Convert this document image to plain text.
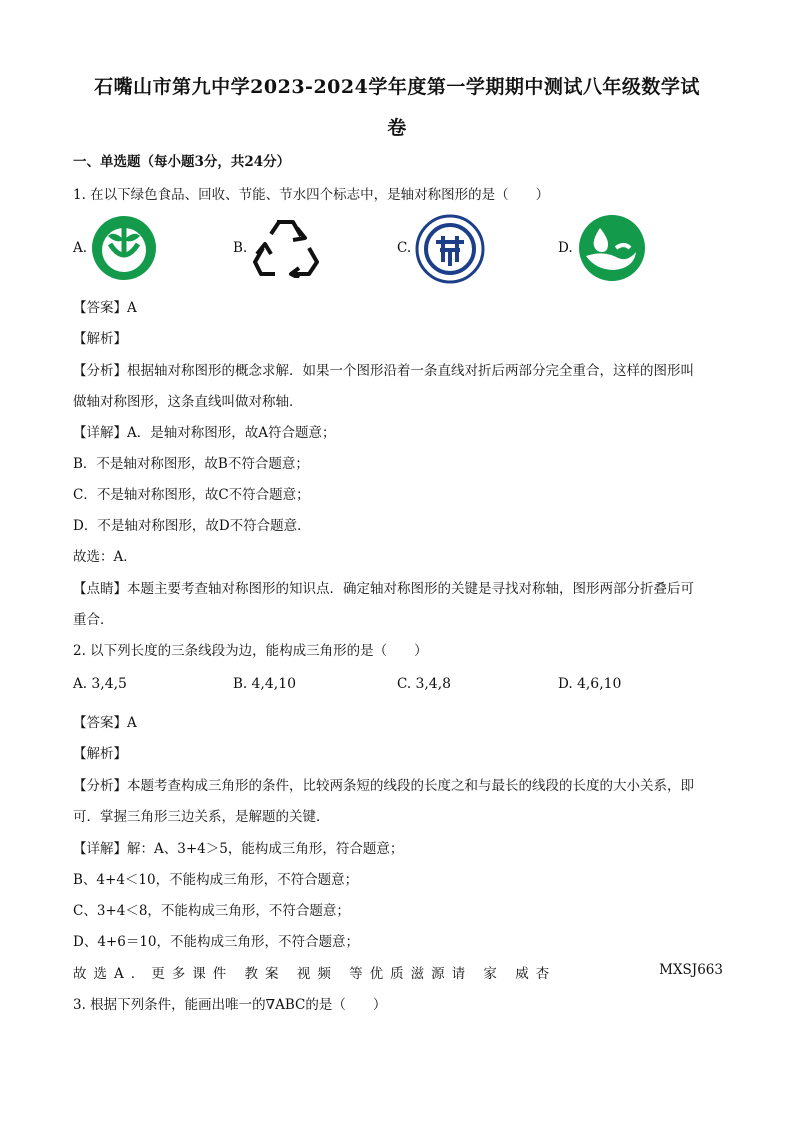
石嘴山市第九中学2023-2024学年度第一学期期中测试八年级数学试
卷
一、单选题（每小题3分，共24分）
1. 在以下绿色食品、回收、节能、节水四个标志中，是轴对称图形的是（　　）
A.	B.	C.	D.
【答案】A
【解析】
【分析】根据轴对称图形的概念求解．如果一个图形沿着一条直线对折后两部分完全重合，这样的图形叫
做轴对称图形，这条直线叫做对称轴．
【详解】A．是轴对称图形，故A符合题意；
B．不是轴对称图形，故B不符合题意；
C．不是轴对称图形，故C不符合题意；
D．不是轴对称图形，故D不符合题意．
故选：A．
【点睛】本题主要考查轴对称图形的知识点．确定轴对称图形的关键是寻找对称轴，图形两部分折叠后可
重合．
2. 以下列长度的三条线段为边，能构成三角形的是（　　）
A. 3,4,5	B. 4,4,10	C. 3,4,8	D. 4,6,10
【答案】A
【解析】
【分析】本题考查构成三角形的条件，比较两条短的线段的长度之和与最长的线段的长度的大小关系，即
可．掌握三角形三边关系，是解题的关键．
【详解】解：A、3+4＞5，能构成三角形，符合题意；
B、4+4＜10，不能构成三角形，不符合题意；
C、3+4＜8，不能构成三角形，不符合题意；
D、4+6＝10，不能构成三角形，不符合题意；
故选A．更多课件 教案 视频 等优质滋源请 家 威杏	MXSJ663
3. 根据下列条件，能画出唯一的∇ABC的是（　　）
